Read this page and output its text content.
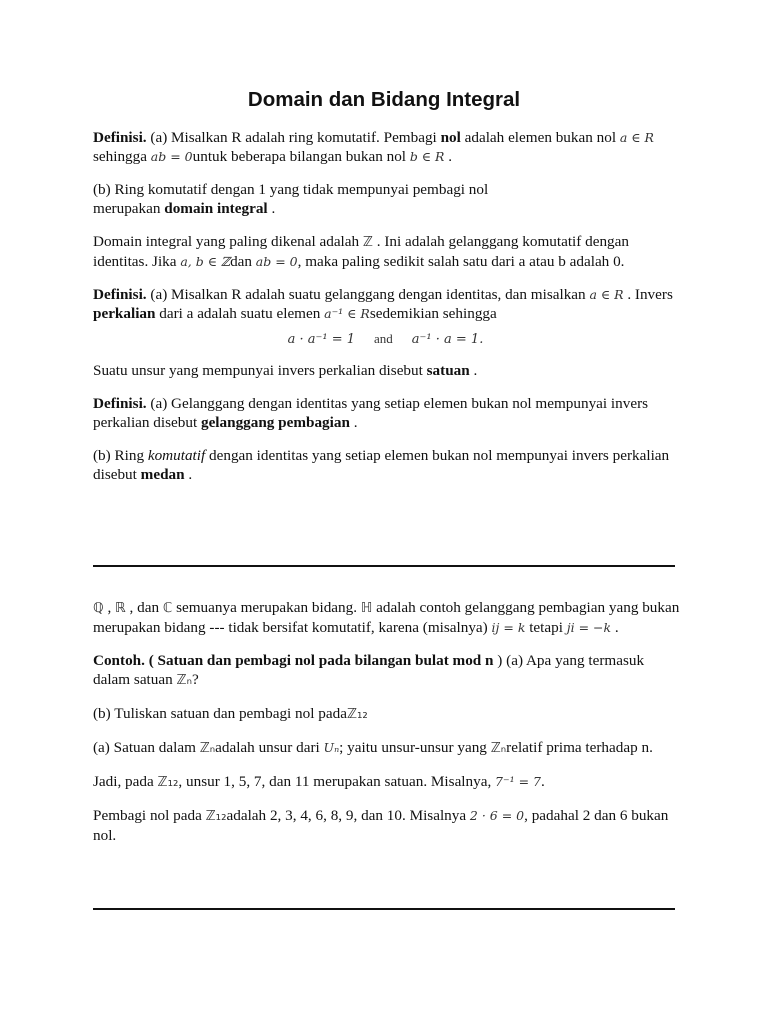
Domain dan Bidang Integral

Definisi. (a) Misalkan R adalah ring komutatif. Pembagi nol adalah elemen bukan nol a ∈ R sehingga ab = 0untuk beberapa bilangan bukan nol b ∈ R .

(b) Ring komutatif dengan 1 yang tidak mempunyai pembagi nol
merupakan domain integral .

Domain integral yang paling dikenal adalah ℤ . Ini adalah gelanggang komutatif dengan identitas. Jika a, b ∈ ℤdan ab = 0, maka paling sedikit salah satu dari a atau b adalah 0.

Definisi. (a) Misalkan R adalah suatu gelanggang dengan identitas, dan misalkan a ∈ R . Invers perkalian dari a adalah suatu elemen a⁻¹ ∈ Rsedemikian sehingga

a · a⁻¹ = 1 and a⁻¹ · a = 1.

Suatu unsur yang mempunyai invers perkalian disebut satuan .

Definisi. (a) Gelanggang dengan identitas yang setiap elemen bukan nol mempunyai invers perkalian disebut gelanggang pembagian .

(b) Ring komutatif dengan identitas yang setiap elemen bukan nol mempunyai invers perkalian disebut medan .

ℚ , ℝ , dan ℂ semuanya merupakan bidang. ℍ adalah contoh gelanggang pembagian yang bukan merupakan bidang --- tidak bersifat komutatif, karena (misalnya) ij = k tetapi ji = −k .

Contoh. ( Satuan dan pembagi nol pada bilangan bulat mod n ) (a) Apa yang termasuk dalam satuan ℤₙ?

(b) Tuliskan satuan dan pembagi nol padaℤ₁₂

(a) Satuan dalam ℤₙadalah unsur dari Uₙ; yaitu unsur-unsur yang ℤₙrelatif prima terhadap n.

Jadi, pada ℤ₁₂, unsur 1, 5, 7, dan 11 merupakan satuan. Misalnya, 7⁻¹ = 7.

Pembagi nol pada ℤ₁₂adalah 2, 3, 4, 6, 8, 9, dan 10. Misalnya 2 · 6 = 0, padahal 2 dan 6 bukan nol.
